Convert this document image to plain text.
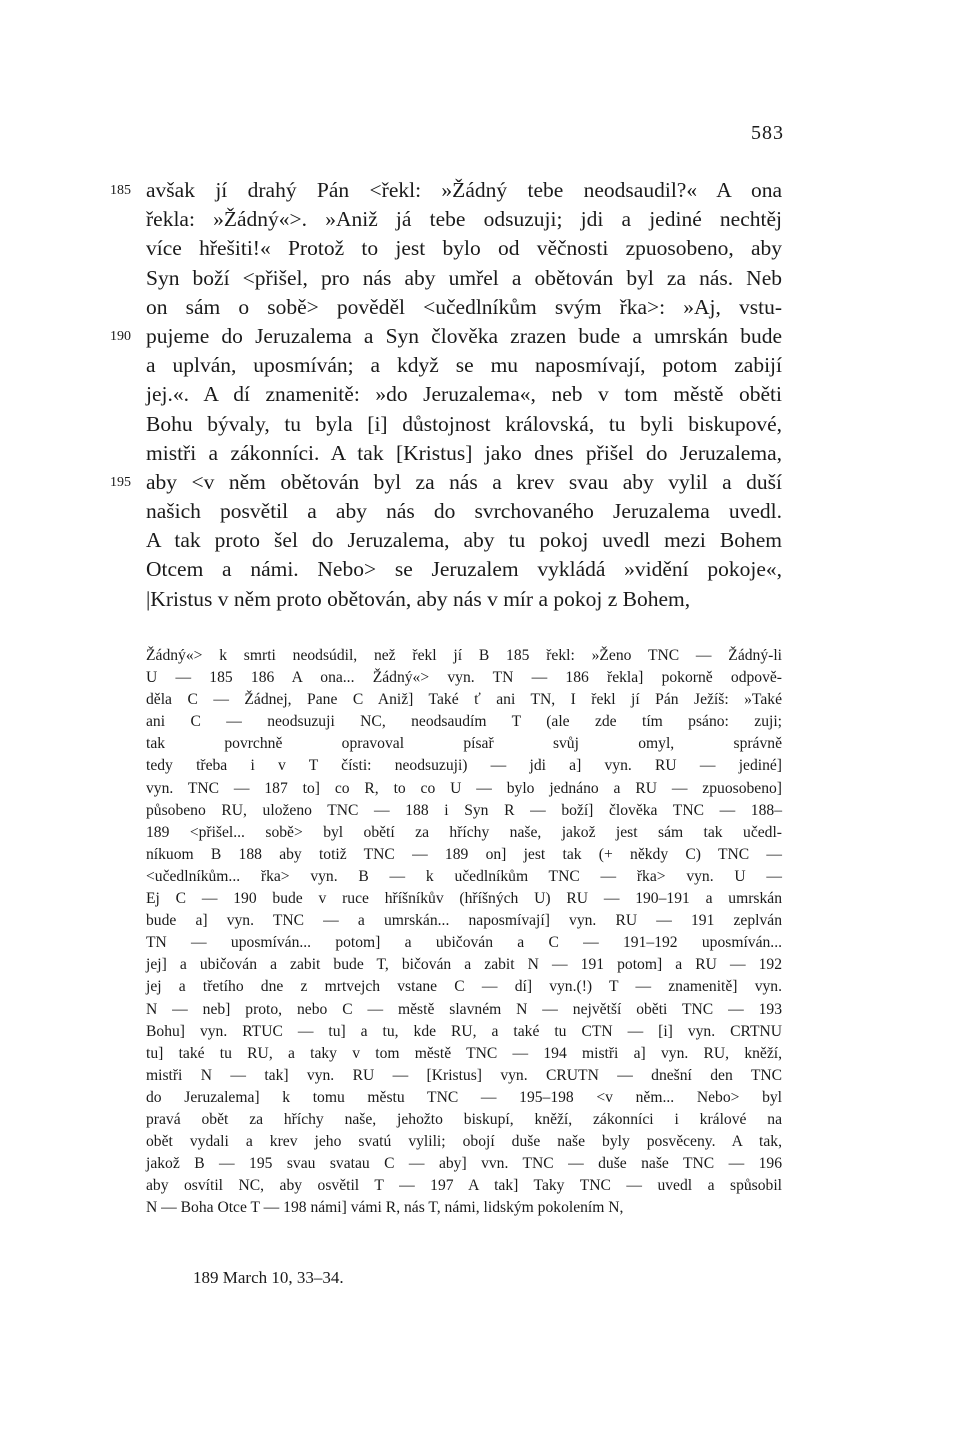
583
185 avšak jí drahý Pán <řekl: »Žádný tebe neodsaudil?« A ona
řekla: »Žádný«>. »Aniž já tebe odsuzuji; jdi a jediné nechtěj
více hřešiti!« Protož to jest bylo od věčnosti zpuosobeno, aby
Syn boží <přišel, pro nás aby umřel a obětován byl za nás. Neb
on sám o sobě> pověděl <učedlníkům svým řka>: »Aj, vstu-
190 pujeme do Jeruzalema a Syn člověka zrazen bude a umrskán bude
a uplván, uposmíván; a když se mu naposmívají, potom zabijí
jej.«. A dí znamenitě: »do Jeruzalema«, neb v tom městě oběti
Bohu bývaly, tu byla [i] důstojnost královská, tu byli biskupové,
mistři a zákonníci. A tak [Kristus] jako dnes přišel do Jeruzalema,
195 aby <v něm obětován byl za nás a krev svau aby vylil a duší
našich posvětil a aby nás do svrchovaného Jeruzalema uvedl.
A tak proto šel do Jeruzalema, aby tu pokoj uvedl mezi Bohem
Otcem a námi. Nebo> se Jeruzalem vykládá »vidění pokoje«,
|Kristus v něm proto obětován, aby nás v mír a pokoj z Bohem,
Žádný«> k smrti neodsúdil, než řekl jí B 185 řekl: »Ženo TNC — Žádný-li
U — 185 186 A ona... Žádný«> vyn. TN — 186 řekla] pokorně odpově-
děla C — Žádnej, Pane C Aniž] Také ť ani TN, I řekl jí Pán Ježíš: »Také
ani C — neodsuzuji NC, neodsaudím T (ale zde tím psáno: zuji;
tak povrchně opravoval písař svůj omyl, správně
tedy třeba i v T čísti: neodsuzuji) — jdi a] vyn. RU — jediné]
vyn. TNC — 187 to] co R, to co U — bylo jednáno a RU — zpuosobeno]
působeno RU, uloženo TNC — 188 i Syn R — boží] člověka TNC — 188–
189 <přišel... sobě> byl obětí za hříchy naše, jakož jest sám tak učedl-
níkuom B 188 aby totiž TNC — 189 on] jest tak (+ někdy C) TNC —
<učedlníkům... řka> vyn. B — k učedlníkům TNC — řka> vyn. U —
Ej C — 190 bude v ruce hříšníkův (hříšných U) RU — 190–191 a umrskán
bude a] vyn. TNC — a umrskán... naposmívají] vyn. RU — 191 zeplván
TN — uposmíván... potom] a ubičován a C — 191–192 uposmíván...
jej] a ubičován a zabit bude T, bičován a zabit N — 191 potom] a RU — 192
jej a třetího dne z mrtvejch vstane C — dí] vyn.(!) T — znamenitě] vyn.
N — neb] proto, nebo C — městě slavném N — největší oběti TNC — 193
Bohu] vyn. RTUC — tu] a tu, kde RU, a také tu CTN — [i] vyn. CRTNU
tu] také tu RU, a taky v tom městě TNC — 194 mistři a] vyn. RU, kněží,
mistři N — tak] vyn. RU — [Kristus] vyn. CRUTN — dnešní den TNC
do Jeruzalema] k tomu městu TNC — 195–198 <v něm... Nebo> byl
pravá obět za hříchy naše, jehožto biskupí, kněží, zákonníci i králové na
obět vydali a krev jeho svatú vylili; obojí duše naše byly posvěceny. A tak,
jakož B — 195 svau svatau C — aby] vvn. TNC — duše naše TNC — 196
aby osvítil NC, aby osvětil T — 197 A tak] Taky TNC — uvedl a spůsobil
N — Boha Otce T — 198 námi] vámi R, nás T, námi, lidským pokolením N,
189 March 10, 33–34.
